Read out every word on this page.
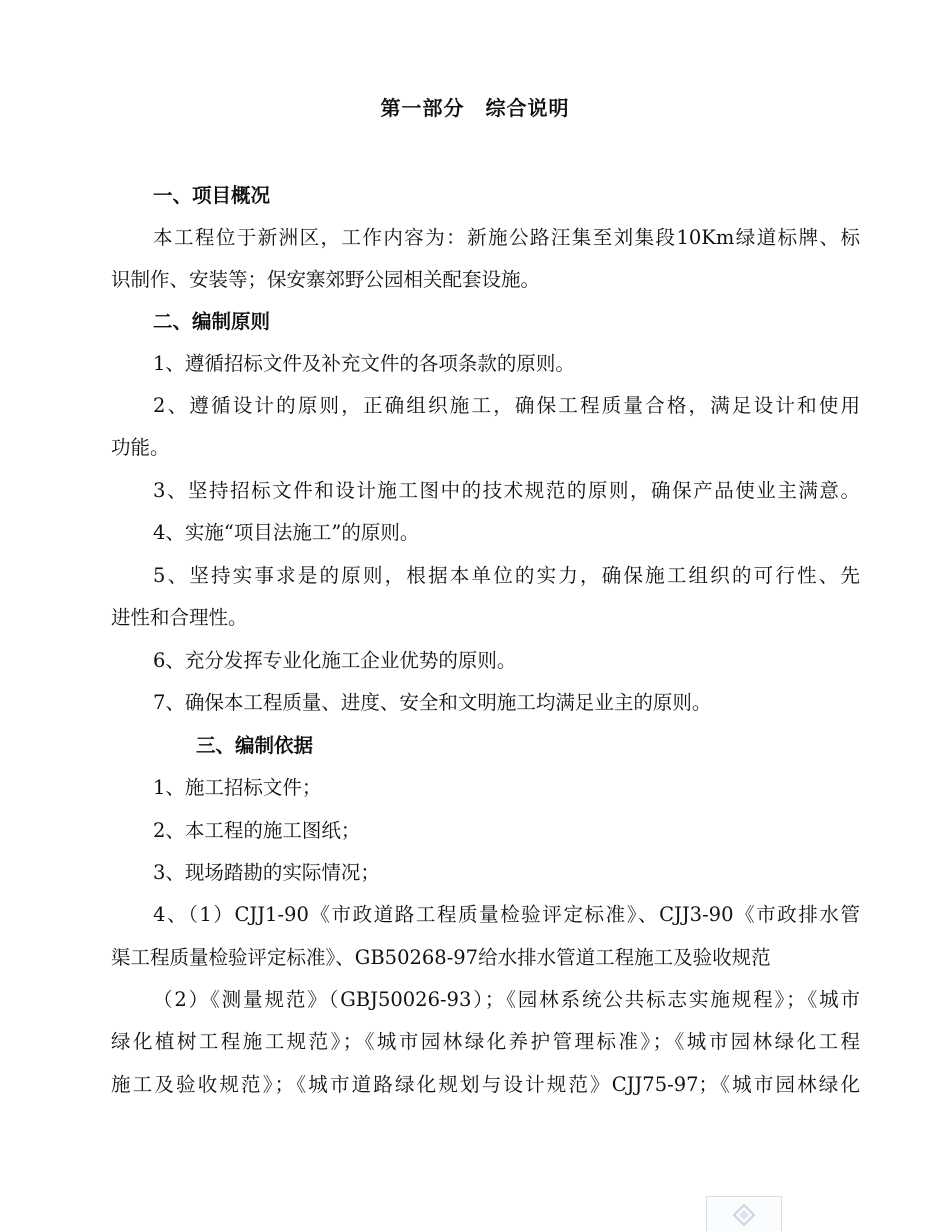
第一部分　综合说明
一、项目概况
本工程位于新洲区，工作内容为：新施公路汪集至刘集段10Km绿道标牌、标
识制作、安装等；保安寨郊野公园相关配套设施。
二、编制原则
1、遵循招标文件及补充文件的各项条款的原则。
2、遵循设计的原则，正确组织施工，确保工程质量合格，满足设计和使用
功能。
3、坚持招标文件和设计施工图中的技术规范的原则，确保产品使业主满意。
4、实施“项目法施工”的原则。
5、坚持实事求是的原则，根据本单位的实力，确保施工组织的可行性、先
进性和合理性。
6、充分发挥专业化施工企业优势的原则。
7、确保本工程质量、进度、安全和文明施工均满足业主的原则。
三、编制依据
1、施工招标文件；
2、本工程的施工图纸；
3、现场踏勘的实际情况；
4、（1）CJJ1-90《市政道路工程质量检验评定标准》、CJJ3-90《市政排水管
渠工程质量检验评定标准》、GB50268-97给水排水管道工程施工及验收规范
（2）《测量规范》（GBJ50026-93）；《园林系统公共标志实施规程》；《城市
绿化植树工程施工规范》；《城市园林绿化养护管理标准》；《城市园林绿化工程
施工及验收规范》；《城市道路绿化规划与设计规范》CJJ75-97；《城市园林绿化
